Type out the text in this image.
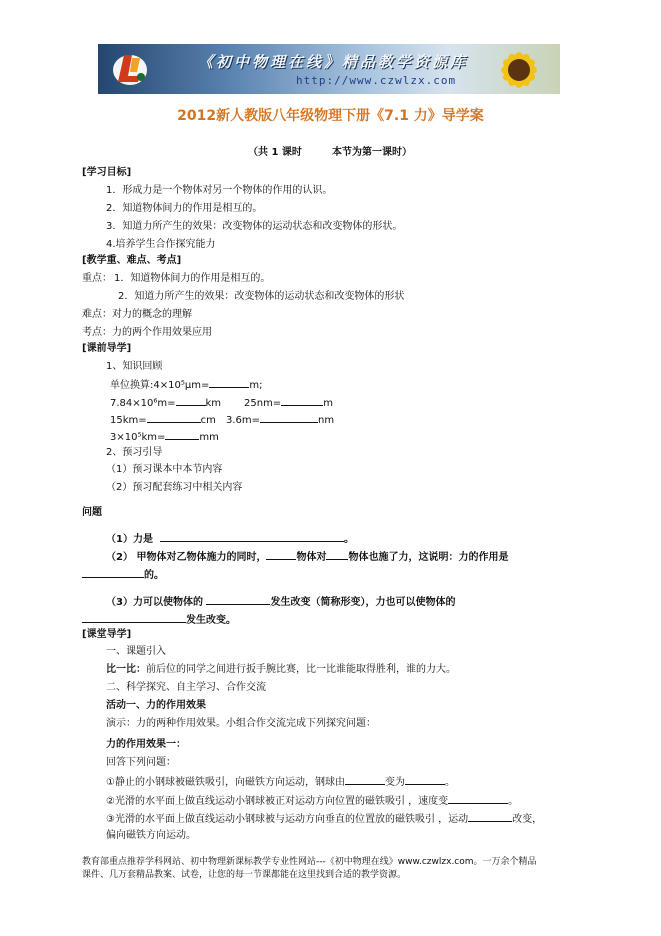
《初中物理在线》精品教学资源库
http://www.czwlzx.com
2012新人教版八年级物理下册《7.1 力》导学案
（共 1 课时	本节为第一课时）
[学习目标]
1．形成力是一个物体对另一个物体的作用的认识。
2．知道物体间力的作用是相互的。
3．知道力所产生的效果：改变物体的运动状态和改变物体的形状。
4.培养学生合作探究能力
[教学重、难点、考点]
重点： 1．知道物体间力的作用是相互的。
2．知道力所产生的效果：改变物体的运动状态和改变物体的形状
难点：对力的概念的理解
考点：力的两个作用效果应用
[课前导学]
1、知识回顾
单位换算:4×10⁵μm=	m;
7.84×10⁶m=	km 25nm=	m
15km=	cm 3.6m=	nm
3×10⁵km=	mm
2、预习引导
（1）预习课本中本节内容
（2）预习配套练习中相关内容
问题
（1）力是	。
（2） 甲物体对乙物体施力的同时，	物体对 物体也施了力，这说明：力的作用是
的。
（3）力可以使物体的	发生改变（简称形变），力也可以使物体的
发生改变。
[课堂导学]
一、课题引入
比一比：前后位的同学之间进行扳手腕比赛，比一比谁能取得胜利，谁的力大。
二、科学探究、自主学习、合作交流
活动一、力的作用效果
演示：力的两种作用效果。小组合作交流完成下列探究问题：
力的作用效果一：
回答下列问题：
①静止的小钢球被磁铁吸引，向磁铁方向运动，钢球由	变为	。
②光滑的水平面上做直线运动小钢球被正对运动方向位置的磁铁吸引 ，速度变	。
③光滑的水平面上做直线运动小钢球被与运动方向垂直的位置放的磁铁吸引 ，运动	改变，
偏向磁铁方向运动。
教育部重点推荐学科网站、初中物理新课标教学专业性网站---《初中物理在线》www.czwlzx.com。一万余个精品
课件、几万套精品教案、试卷，让您的每一节课都能在这里找到合适的教学资源。
